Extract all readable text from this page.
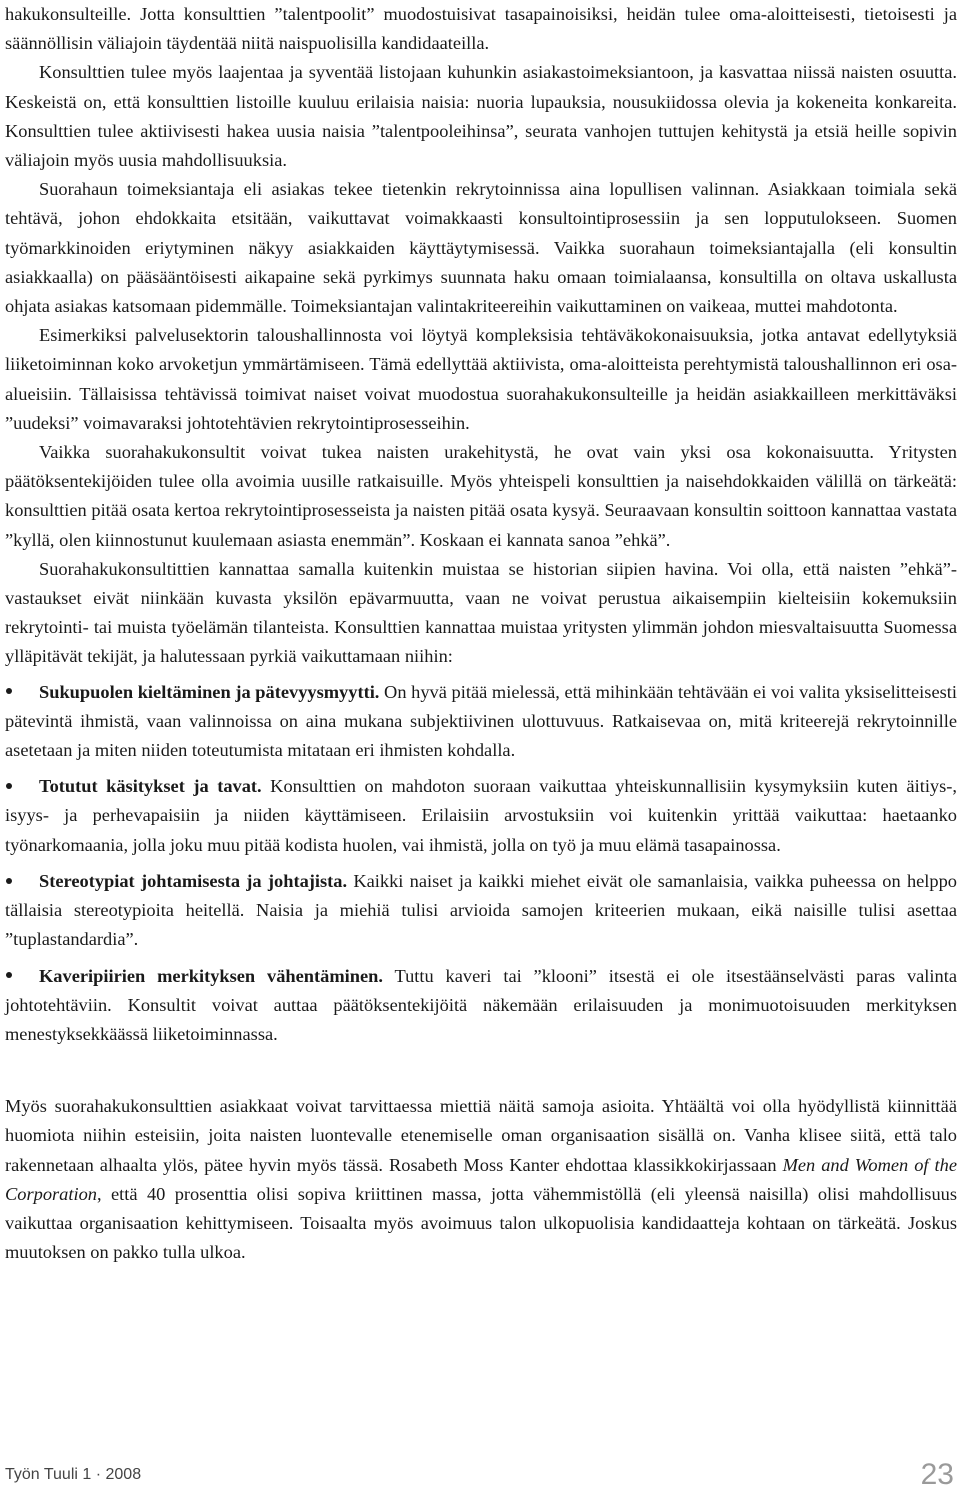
hakukonsulteille. Jotta konsulttien ”talentpoolit” muodostuisivat tasapainoisiksi, heidän tulee oma-aloitteisesti, tietoisesti ja säännöllisin väliajoin täydentää niitä naispuolisilla kandidaateilla.

Konsulttien tulee myös laajentaa ja syventää listojaan kuhunkin asiakastoimeksiantoon, ja kasvattaa niissä naisten osuutta. Keskeistä on, että konsulttien listoille kuuluu erilaisia naisia: nuoria lupauksia, nousukiidossa olevia ja kokeneita konkareita. Konsulttien tulee aktiivisesti hakea uusia naisia ”talentpooleihinsa”, seurata vanhojen tuttujen kehitystä ja etsiä heille sopivin väliajoin myös uusia mahdollisuuksia.

Suorahaun toimeksiantaja eli asiakas tekee tietenkin rekrytoinnissa aina lopullisen valinnan. Asiakkaan toimiala sekä tehtävä, johon ehdokkaita etsitään, vaikuttavat voimakkaasti konsultointiprosessiin ja sen lopputulokseen. Suomen työmarkkinoiden eriytyminen näkyy asiakkaiden käyttäytymisessä. Vaikka suorahaun toimeksiantajalla (eli konsultin asiakkaalla) on pääsääntöisesti aikapaine sekä pyrkimys suunnata haku omaan toimialaansa, konsultilla on oltava uskallusta ohjata asiakas katsomaan pidemmälle. Toimeksiantajan valintakriteereihin vaikuttaminen on vaikeaa, muttei mahdotonta.

Esimerkiksi palvelusektorin taloushallinnosta voi löytyä kompleksisia tehtäväkokonaisuuksia, jotka antavat edellytyksiä liiketoiminnan koko arvoketjun ymmärtämiseen. Tämä edellyttää aktiivista, oma-aloitteista perehtymistä taloushallinnon eri osa-alueisiin. Tällaisissa tehtävissä toimivat naiset voivat muodostua suorahakukonsulteille ja heidän asiakkailleen merkittäväksi ”uudeksi” voimavaraksi johtotehtävien rekrytointiprosesseihin.

Vaikka suorahakukonsultit voivat tukea naisten urakehitystä, he ovat vain yksi osa kokonaisuutta. Yritysten päätöksentekijöiden tulee olla avoimia uusille ratkaisuille. Myös yhteispeli konsulttien ja naisehdokkaiden välillä on tärkeätä: konsulttien pitää osata kertoa rekrytointiprosesseista ja naisten pitää osata kysyä. Seuraavaan konsultin soittoon kannattaa vastata ”kyllä, olen kiinnostunut kuulemaan asiasta enemmän”. Koskaan ei kannata sanoa ”ehkä”.

Suorahakukonsultittien kannattaa samalla kuitenkin muistaa se historian siipien havina. Voi olla, että naisten ”ehkä”-vastaukset eivät niinkään kuvasta yksilön epävarmuutta, vaan ne voivat perustua aikaisempiin kielteisiin kokemuksiin rekrytointi- tai muista työelämän tilanteista. Konsulttien kannattaa muistaa yritysten ylimmän johdon miesvaltaisuutta Suomessa ylläpitävät tekijät, ja halutessaan pyrkiä vaikuttamaan niihin:

Sukupuolen kieltäminen ja pätevyysmyytti. On hyvä pitää mielessä, että mihinkään tehtävään ei voi valita yksiselitteisesti pätevintä ihmistä, vaan valinnoissa on aina mukana subjektiivinen ulottuvuus. Ratkaisevaa on, mitä kriteerejä rekrytoinnille asetetaan ja miten niiden toteutumista mitataan eri ihmisten kohdalla.
Totutut käsitykset ja tavat. Konsulttien on mahdoton suoraan vaikuttaa yhteiskunnallisiin kysymyksiin kuten äitiys-, isyys- ja perhevapaisiin ja niiden käyttämiseen. Erilaisiin arvostuksiin voi kuitenkin yrittää vaikuttaa: haetaanko työnarkomaania, jolla joku muu pitää kodista huolen, vai ihmistä, jolla on työ ja muu elämä tasapainossa.
Stereotypiat johtamisesta ja johtajista. Kaikki naiset ja kaikki miehet eivät ole samanlaisia, vaikka puheessa on helppo tällaisia stereotypioita heitellä. Naisia ja miehiä tulisi arvioida samojen kriteerien mukaan, eikä naisille tulisi asettaa ”tuplastandardia”.
Kaveripiirien merkityksen vähentäminen. Tuttu kaveri tai ”klooni” itsestä ei ole itsestäänselvästi paras valinta johtotehtäviin. Konsultit voivat auttaa päätöksentekijöitä näkemään erilaisuuden ja monimuotoisuuden merkityksen menestyksekkäässä liiketoiminnassa.

Myös suorahakukonsulttien asiakkaat voivat tarvittaessa miettiä näitä samoja asioita. Yhtäältä voi olla hyödyllistä kiinnittää huomiota niihin esteisiin, joita naisten luontevalle etenemiselle oman organisaation sisällä on. Vanha klisee siitä, että talo rakennetaan alhaalta ylös, pätee hyvin myös tässä. Rosabeth Moss Kanter ehdottaa klassikkokirjassaan Men and Women of the Corporation, että 40 prosenttia olisi sopiva kriittinen massa, jotta vähemmistöllä (eli yleensä naisilla) olisi mahdollisuus vaikuttaa organisaation kehittymiseen. Toisaalta myös avoimuus talon ulkopuolisia kandidaatteja kohtaan on tärkeätä. Joskus muutoksen on pakko tulla ulkoa.

Työn Tuuli 1 · 2008	23
